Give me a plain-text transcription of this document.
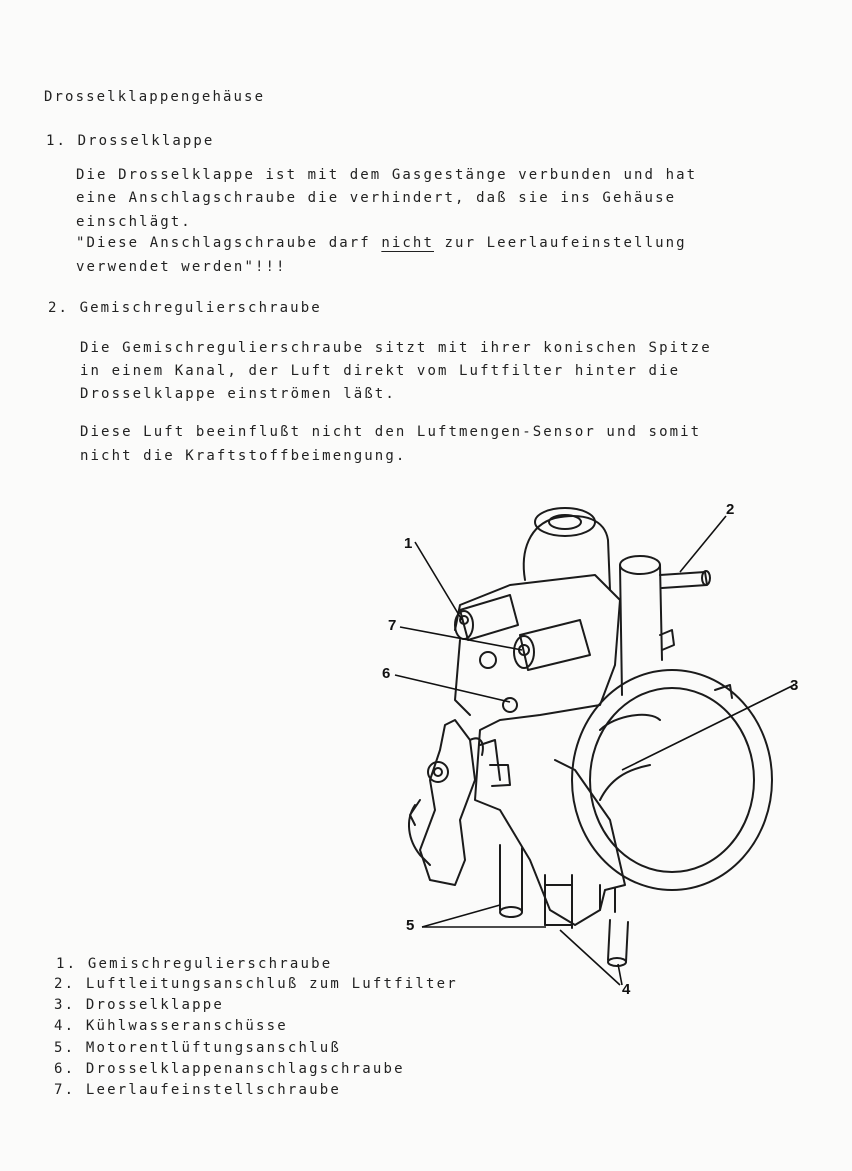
Drosselklappengehäuse
1. Drosselklappe
Die Drosselklappe ist mit dem Gasgestänge verbunden und hat
eine Anschlagschraube die verhindert, daß sie ins Gehäuse
einschlägt.
"Diese Anschlagschraube darf nicht zur Leerlaufeinstellung
verwendet werden"!!!
2. Gemischregulierschraube
Die Gemischregulierschraube sitzt mit ihrer konischen Spitze
in einem Kanal, der Luft direkt vom Luftfilter hinter die
Drosselklappe einströmen läßt.
Diese Luft beeinflußt nicht den Luftmengen-Sensor und somit
nicht die Kraftstoffbeimengung.
1
2
3
4
5
6
7
1. Gemischregulierschraube
2. Luftleitungsanschluß zum Luftfilter
3. Drosselklappe
4. Kühlwasseranschüsse
5. Motorentlüftungsanschluß
6. Drosselklappenanschlagschraube
7. Leerlaufeinstellschraube
